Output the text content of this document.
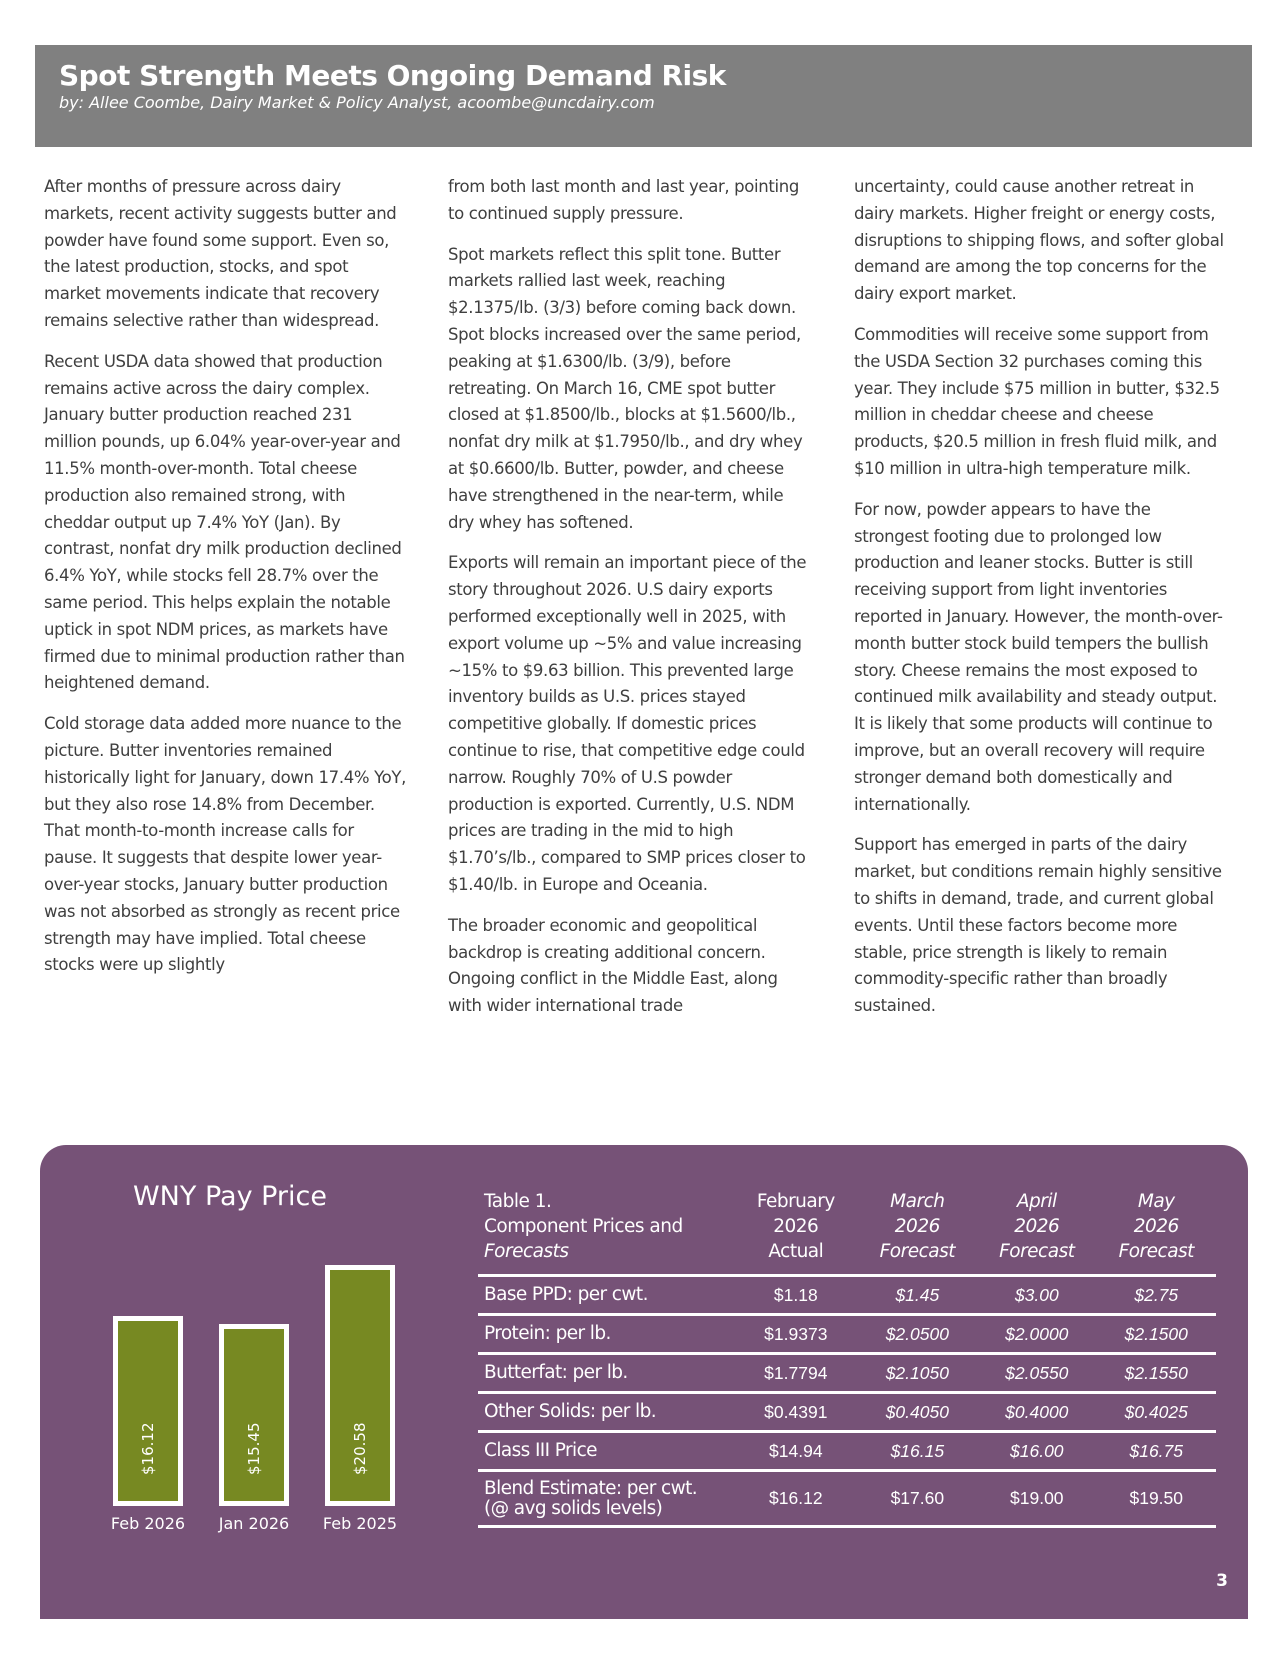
Spot Strength Meets Ongoing Demand Risk

by: Allee Coombe, Dairy Market & Policy Analyst, acoombe@uncdairy.com

After months of pressure across dairy markets, recent activity suggests butter and powder have found some support. Even so, the latest production, stocks, and spot market movements indicate that recovery remains selective rather than widespread.

Recent USDA data showed that production remains active across the dairy complex. January butter production reached 231 million pounds, up 6.04% year-over-year and 11.5% month-over-month. Total cheese production also remained strong, with cheddar output up 7.4% YoY (Jan). By contrast, nonfat dry milk production declined 6.4% YoY, while stocks fell 28.7% over the same period. This helps explain the notable uptick in spot NDM prices, as markets have firmed due to minimal production rather than heightened demand.

Cold storage data added more nuance to the picture. Butter inventories remained historically light for January, down 17.4% YoY, but they also rose 14.8% from December. That month-to-month increase calls for pause. It suggests that despite lower year-over-year stocks, January butter production was not absorbed as strongly as recent price strength may have implied. Total cheese stocks were up slightly

from both last month and last year, pointing to continued supply pressure.

Spot markets reflect this split tone. Butter markets rallied last week, reaching $2.1375/lb. (3/3) before coming back down. Spot blocks increased over the same period, peaking at $1.6300/lb. (3/9), before retreating. On March 16, CME spot butter closed at $1.8500/lb., blocks at $1.5600/lb., nonfat dry milk at $1.7950/lb., and dry whey at $0.6600/lb. Butter, powder, and cheese have strengthened in the near-term, while dry whey has softened.

Exports will remain an important piece of the story throughout 2026. U.S dairy exports performed exceptionally well in 2025, with export volume up ~5% and value increasing ~15% to $9.63 billion. This prevented large inventory builds as U.S. prices stayed competitive globally. If domestic prices continue to rise, that competitive edge could narrow. Roughly 70% of U.S powder production is exported. Currently, U.S. NDM prices are trading in the mid to high $1.70’s/lb., compared to SMP prices closer to $1.40/lb. in Europe and Oceania.

The broader economic and geopolitical backdrop is creating additional concern. Ongoing conflict in the Middle East, along with wider international trade

uncertainty, could cause another retreat in dairy markets. Higher freight or energy costs, disruptions to shipping flows, and softer global demand are among the top concerns for the dairy export market.

Commodities will receive some support from the USDA Section 32 purchases coming this year. They include $75 million in butter, $32.5 million in cheddar cheese and cheese products, $20.5 million in fresh fluid milk, and $10 million in ultra-high temperature milk.

For now, powder appears to have the strongest footing due to prolonged low production and leaner stocks. Butter is still receiving support from light inventories reported in January. However, the month-over-month butter stock build tempers the bullish story. Cheese remains the most exposed to continued milk availability and steady output. It is likely that some products will continue to improve, but an overall recovery will require stronger demand both domestically and internationally.

Support has emerged in parts of the dairy market, but conditions remain highly sensitive to shifts in demand, trade, and current global events. Until these factors become more stable, price strength is likely to remain commodity-specific rather than broadly sustained.

WNY Pay Price
$16.12	$15.45	$20.58
Feb 2026	Jan 2026	Feb 2025
Table 1.
Component Prices and
Forecasts

February
2026
Actual

March
2026
Forecast

April
2026
Forecast

May
2026
Forecast

Base PPD: per cwt.	$1.18	$1.45	$3.00	$2.75
Protein: per lb.	$1.9373	$2.0500	$2.0000	$2.1500
Butterfat: per lb.	$1.7794	$2.1050	$2.0550	$2.1550
Other Solids: per lb.	$0.4391	$0.4050	$0.4000	$0.4025
Class III Price	$14.94	$16.15	$16.00	$16.75

Blend Estimate: per cwt.
(@ avg solids levels)	$16.12	$17.60	$19.00	$19.50
3
